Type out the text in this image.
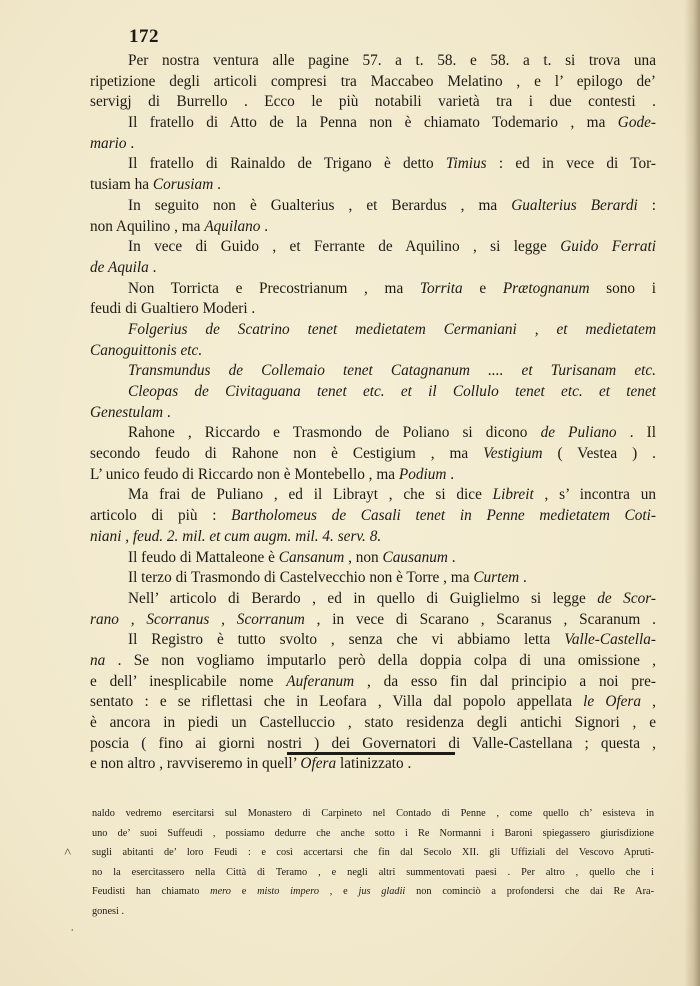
172
Per nostra ventura alle pagine 57. a t. 58. e 58. a t. si trova una
ripetizione degli articoli compresi tra Maccabeo Melatino , e l’ epilogo de’
servigj di Burrello . Ecco le più notabili varietà tra i due contesti .
Il fratello di Atto de la Penna non è chiamato Todemario , ma Gode-
mario .
Il fratello di Rainaldo de Trigano è detto Timius : ed in vece di Tor-
tusiam ha Corusiam .
In seguito non è Gualterius , et Berardus , ma Gualterius Berardi :
non Aquilino , ma Aquilano .
In vece di Guido , et Ferrante de Aquilino , si legge Guido Ferrati
de Aquila .
Non Torricta e Precostrianum , ma Torrita e Prætognanum sono i
feudi di Gualtiero Moderi .
Folgerius de Scatrino tenet medietatem Cermaniani , et medietatem
Canoguittonis etc.
Transmundus de Collemaio tenet Catagnanum .... et Turisanam etc.
Cleopas de Civitaguana tenet etc. et il Collulo tenet etc. et tenet
Genestulam .
Rahone , Riccardo e Trasmondo de Poliano si dicono de Puliano . Il
secondo feudo di Rahone non è Cestigium , ma Vestigium ( Vestea ) .
L’ unico feudo di Riccardo non è Montebello , ma Podium .
Ma frai de Puliano , ed il Librayt , che si dice Libreit , s’ incontra un
articolo di più : Bartholomeus de Casali tenet in Penne medietatem Coti-
niani , feud. 2. mil. et cum augm. mil. 4. serv. 8.
Il feudo di Mattaleone è Cansanum , non Causanum .
Il terzo di Trasmondo di Castelvecchio non è Torre , ma Curtem .
Nell’ articolo di Berardo , ed in quello di Guiglielmo si legge de Scor-
rano , Scorranus , Scorranum , in vece di Scarano , Scaranus , Scaranum .
Il Registro è tutto svolto , senza che vi abbiamo letta Valle-Castella-
na . Se non vogliamo imputarlo però della doppia colpa di una omissione ,
e dell’ inesplicabile nome Auferanum , da esso fin dal principio a noi pre-
sentato : e se riflettasi che in Leofara , Villa dal popolo appellata le Ofera ,
è ancora in piedi un Castelluccio , stato residenza degli antichi Signori , e
poscia ( fino ai giorni nostri ) dei Governatori di Valle-Castellana ; questa ,
e non altro , ravviseremo in quell’ Ofera latinizzato .
˄
ˈ
naldo vedremo esercitarsi sul Monastero di Carpineto nel Contado di Penne , come quello ch’ esisteva in
uno de’ suoi Suffeudi , possiamo dedurre che anche sotto i Re Normanni i Baroni spiegassero giurisdizione
sugli abitanti de’ loro Feudi : e così accertarsi che fin dal Secolo XII. gli Uffiziali del Vescovo Apruti-
no la esercitassero nella Città di Teramo , e negli altri summentovati paesi . Per altro , quello che i
Feudisti han chiamato mero e misto impero , e jus gladii non cominciò a profondersi che dai Re Ara-
gonesi .
